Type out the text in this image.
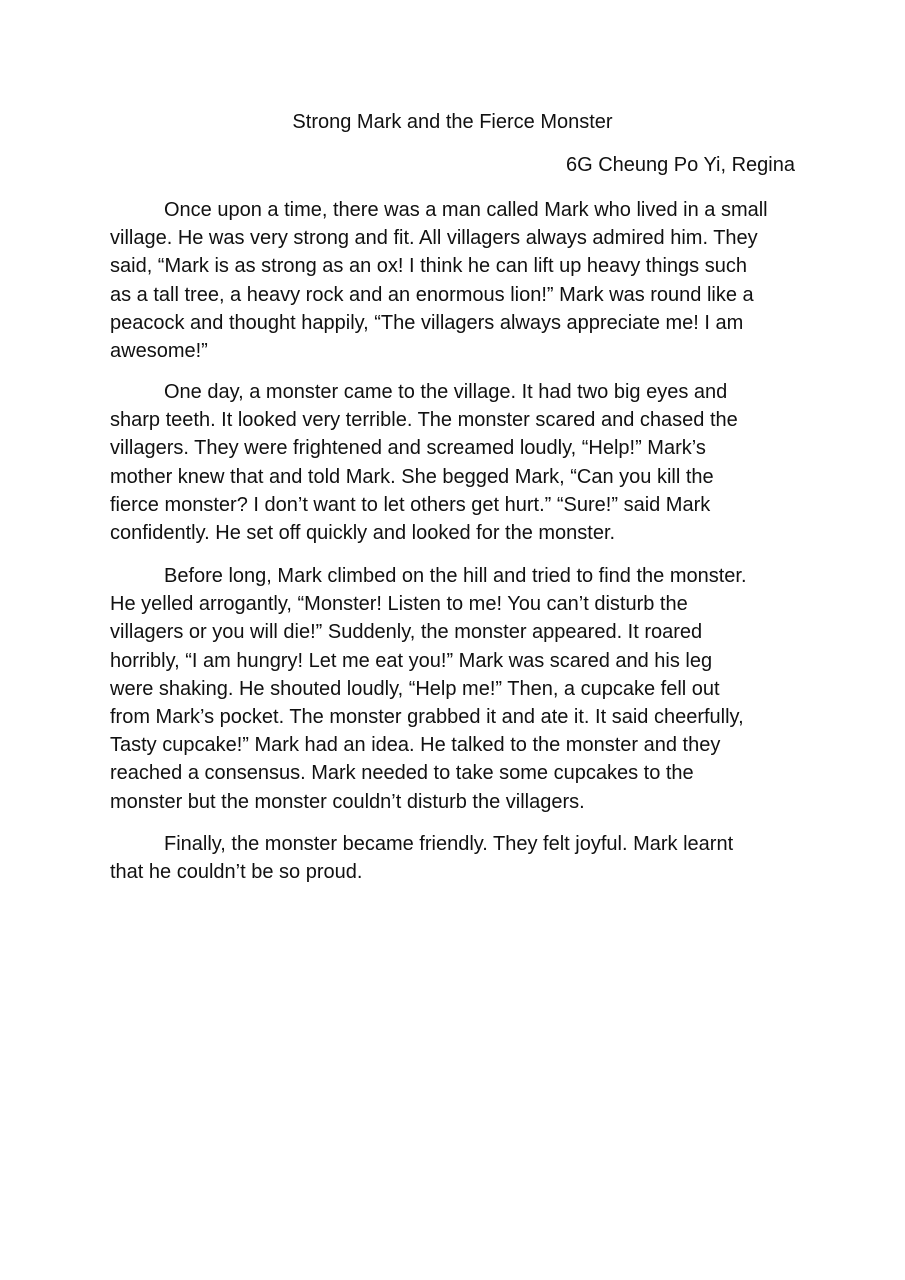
Strong Mark and the Fierce Monster

6G Cheung Po Yi, Regina

Once upon a time, there was a man called Mark who lived in a small
village. He was very strong and fit. All villagers always admired him. They
said, “Mark is as strong as an ox! I think he can lift up heavy things such
as a tall tree, a heavy rock and an enormous lion!” Mark was round like a
peacock and thought happily, “The villagers always appreciate me! I am
awesome!”
One day, a monster came to the village. It had two big eyes and
sharp teeth. It looked very terrible. The monster scared and chased the
villagers. They were frightened and screamed loudly, “Help!” Mark’s
mother knew that and told Mark. She begged Mark, “Can you kill the
fierce monster? I don’t want to let others get hurt.” “Sure!” said Mark
confidently. He set off quickly and looked for the monster.
Before long, Mark climbed on the hill and tried to find the monster.
He yelled arrogantly, “Monster! Listen to me! You can’t disturb the
villagers or you will die!” Suddenly, the monster appeared. It roared
horribly, “I am hungry! Let me eat you!” Mark was scared and his leg
were shaking. He shouted loudly, “Help me!” Then, a cupcake fell out
from Mark’s pocket. The monster grabbed it and ate it. It said cheerfully,
Tasty cupcake!” Mark had an idea. He talked to the monster and they
reached a consensus. Mark needed to take some cupcakes to the
monster but the monster couldn’t disturb the villagers.
Finally, the monster became friendly. They felt joyful. Mark learnt
that he couldn’t be so proud.
